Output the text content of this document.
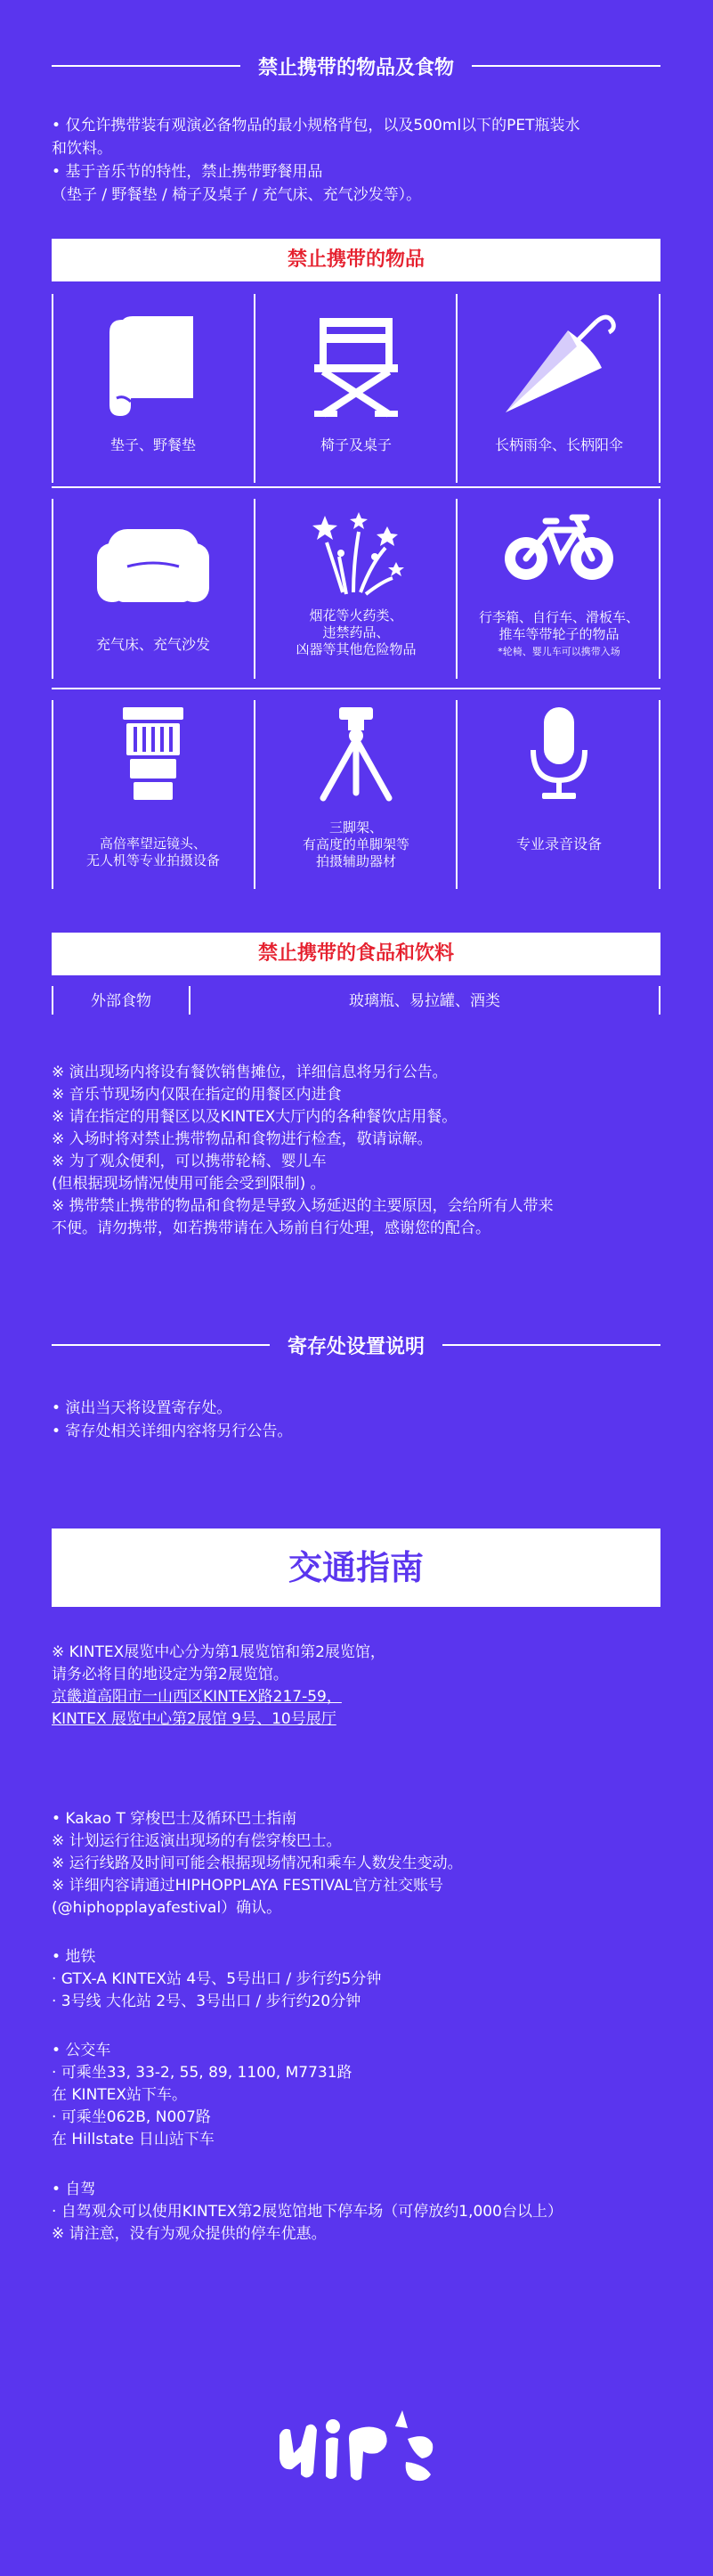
禁止携带的物品及食物

• 仅允许携带装有观演必备物品的最小规格背包，以及500ml以下的PET瓶装水

和饮料。

• 基于音乐节的特性，禁止携带野餐用品

（垫子 / 野餐垫 / 椅子及桌子 / 充气床、充气沙发等）。

禁止携带的物品
垫子、野餐垫	椅子及桌子	长柄雨伞、长柄阳伞
充气床、充气沙发
烟花等火药类、
违禁药品、
凶器等其他危险物品
行李箱、自行车、滑板车、
推车等带轮子的物品
*轮椅、婴儿车可以携带入场
高倍率望远镜头、
无人机等专业拍摄设备
三脚架、
有高度的单脚架等
拍摄辅助器材
专业录音设备
禁止携带的食品和饮料
外部食物	玻璃瓶、易拉罐、酒类

※ 演出现场内将设有餐饮销售摊位，详细信息将另行公告。

※ 音乐节现场内仅限在指定的用餐区内进食

※ 请在指定的用餐区以及KINTEX大厅内的各种餐饮店用餐。

※ 入场时将对禁止携带物品和食物进行检查，敬请谅解。

※ 为了观众便利，可以携带轮椅、婴儿车

(但根据现场情况使用可能会受到限制) 。

※ 携带禁止携带的物品和食物是导致入场延迟的主要原因，会给所有人带来

不便。请勿携带，如若携带请在入场前自行处理，感谢您的配合。

寄存处设置说明

• 演出当天将设置寄存处。

• 寄存处相关详细内容将另行公告。

交通指南

※ KINTEX展览中心分为第1展览馆和第2展览馆，

请务必将目的地设定为第2展览馆。

京畿道高阳市一山西区KINTEX路217-59，

KINTEX 展览中心第2展馆 9号、10号展厅

• Kakao T 穿梭巴士及循环巴士指南

※ 计划运行往返演出现场的有偿穿梭巴士。

※ 运行线路及时间可能会根据现场情况和乘车人数发生变动。

※ 详细内容请通过HIPHOPPLAYA FESTIVAL官方社交账号

(@hiphopplayafestival）确认。

• 地铁

· GTX-A KINTEX站 4号、5号出口 / 步行约5分钟

· 3号线 大化站 2号、3号出口 / 步行约20分钟

• 公交车

· 可乘坐33, 33-2, 55, 89, 1100, M7731路

在 KINTEX站下车。

· 可乘坐062B, N007路

在 Hillstate 日山站下车

• 自驾

· 自驾观众可以使用KINTEX第2展览馆地下停车场（可停放约1,000台以上）

※ 请注意，没有为观众提供的停车优惠。
